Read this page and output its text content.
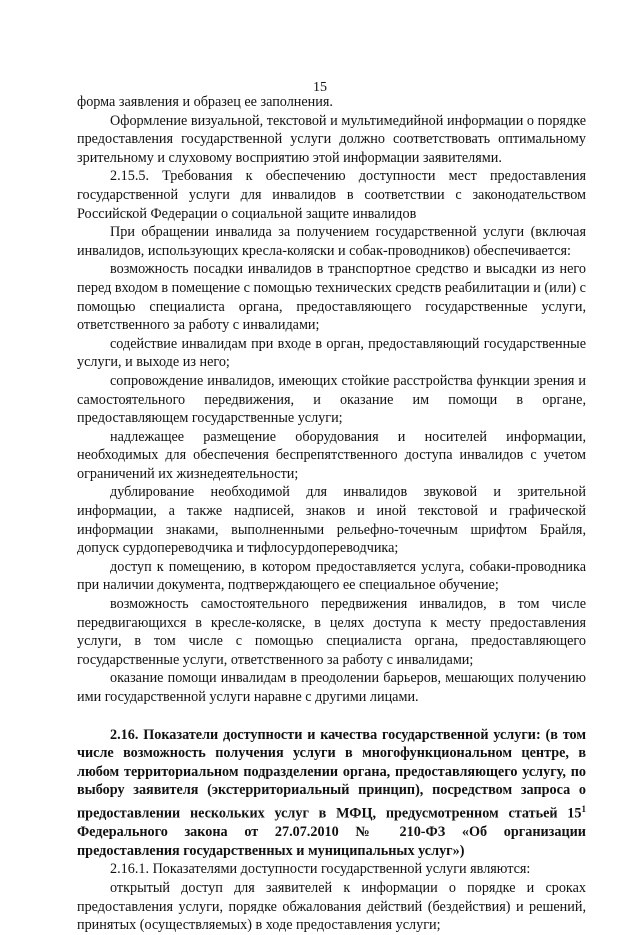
15

форма заявления и образец ее заполнения.

Оформление визуальной, текстовой и мультимедийной информации о порядке предоставления государственной услуги должно соответствовать оптимальному зрительному и слуховому восприятию этой информации заявителями.

2.15.5. Требования к обеспечению доступности мест предоставления государственной услуги для инвалидов в соответствии с законодательством Российской Федерации о социальной защите инвалидов

При обращении инвалида за получением государственной услуги (включая инвалидов, использующих кресла-коляски и собак-проводников) обеспечивается:

возможность посадки инвалидов в транспортное средство и высадки из него перед входом в помещение с помощью технических средств реабилитации и (или) с помощью специалиста органа, предоставляющего государственные услуги, ответственного за работу с инвалидами;

содействие инвалидам при входе в орган, предоставляющий государственные услуги, и выходе из него;

сопровождение инвалидов, имеющих стойкие расстройства функции зрения и самостоятельного передвижения, и оказание им помощи в органе, предоставляющем государственные услуги;

надлежащее размещение оборудования и носителей информации, необходимых для обеспечения беспрепятственного доступа инвалидов с учетом ограничений их жизнедеятельности;

дублирование необходимой для инвалидов звуковой и зрительной информации, а также надписей, знаков и иной текстовой и графической информации знаками, выполненными рельефно-точечным шрифтом Брайля, допуск сурдопереводчика и тифлосурдопереводчика;

доступ к помещению, в котором предоставляется услуга, собаки-проводника при наличии документа, подтверждающего ее специальное обучение;

возможность самостоятельного передвижения инвалидов, в том числе передвигающихся в кресле-коляске, в целях доступа к месту предоставления услуги, в том числе с помощью специалиста органа, предоставляющего государственные услуги, ответственного за работу с инвалидами;

оказание помощи инвалидам в преодолении барьеров, мешающих получению ими государственной услуги наравне с другими лицами.

2.16. Показатели доступности и качества государственной услуги: (в том числе возможность получения услуги в многофункциональном центре, в любом территориальном подразделении органа, предоставляющего услугу, по выбору заявителя (экстерриториальный принцип), посредством запроса о предоставлении нескольких услуг в МФЦ, предусмотренном статьей $15^1$ Федерального закона от 27.07.2010 № 210-ФЗ «Об организации предоставления государственных и муниципальных услуг»)

2.16.1. Показателями доступности государственной услуги являются:

открытый доступ для заявителей к информации о порядке и сроках предоставления услуги, порядке обжалования действий (бездействия) и решений, принятых (осуществляемых) в ходе предоставления услуги;
